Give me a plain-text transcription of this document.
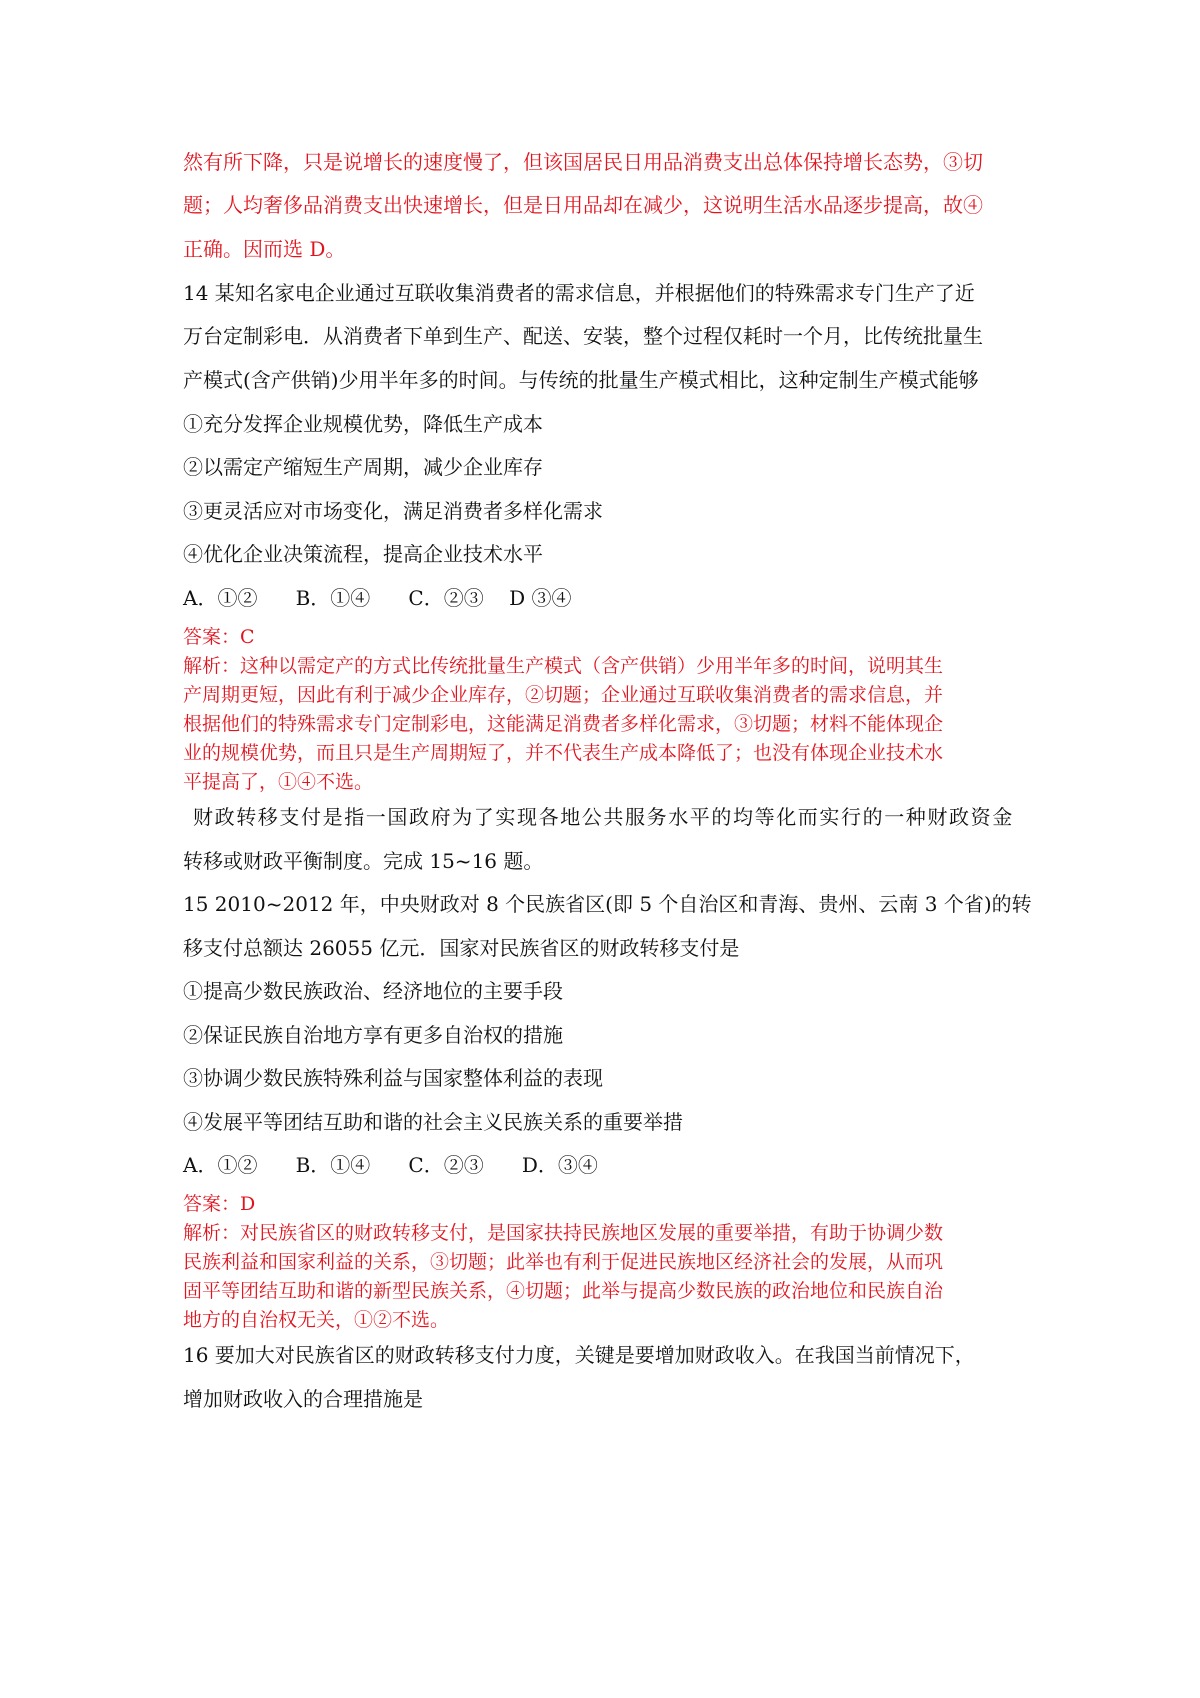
然有所下降，只是说增长的速度慢了，但该国居民日用品消费支出总体保持增长态势，③切

题；人均奢侈品消费支出快速增长，但是日用品却在减少，这说明生活水品逐步提高，故④

正确。因而选 D。

14 某知名家电企业通过互联收集消费者的需求信息，并根据他们的特殊需求专门生产了近

万台定制彩电．从消费者下单到生产、配送、安装，整个过程仅耗时一个月，比传统批量生

产模式(含产供销)少用半年多的时间。与传统的批量生产模式相比，这种定制生产模式能够

①充分发挥企业规模优势，降低生产成本

②以需定产缩短生产周期，减少企业库存

③更灵活应对市场变化，满足消费者多样化需求

④优化企业决策流程，提高企业技术水平

A．①②      B．①④      C．②③    D ③④

答案：C

解析：这种以需定产的方式比传统批量生产模式（含产供销）少用半年多的时间，说明其生

产周期更短，因此有利于减少企业库存，②切题；企业通过互联收集消费者的需求信息，并

根据他们的特殊需求专门定制彩电，这能满足消费者多样化需求，③切题；材料不能体现企

业的规模优势，而且只是生产周期短了，并不代表生产成本降低了；也没有体现企业技术水

平提高了，①④不选。

财政转移支付是指一国政府为了实现各地公共服务水平的均等化而实行的一种财政资金

转移或财政平衡制度。完成 15~16 题。

15 2010~2012 年，中央财政对 8 个民族省区(即 5 个自治区和青海、贵州、云南 3 个省)的转

移支付总额达 26055 亿元．国家对民族省区的财政转移支付是

①提高少数民族政治、经济地位的主要手段

②保证民族自治地方享有更多自治权的措施

③协调少数民族特殊利益与国家整体利益的表现

④发展平等团结互助和谐的社会主义民族关系的重要举措

A．①②      B．①④      C．②③      D．③④

答案：D

解析：对民族省区的财政转移支付，是国家扶持民族地区发展的重要举措，有助于协调少数

民族利益和国家利益的关系，③切题；此举也有利于促进民族地区经济社会的发展，从而巩

固平等团结互助和谐的新型民族关系，④切题；此举与提高少数民族的政治地位和民族自治

地方的自治权无关，①②不选。

16 要加大对民族省区的财政转移支付力度，关键是要增加财政收入。在我国当前情况下，

增加财政收入的合理措施是
